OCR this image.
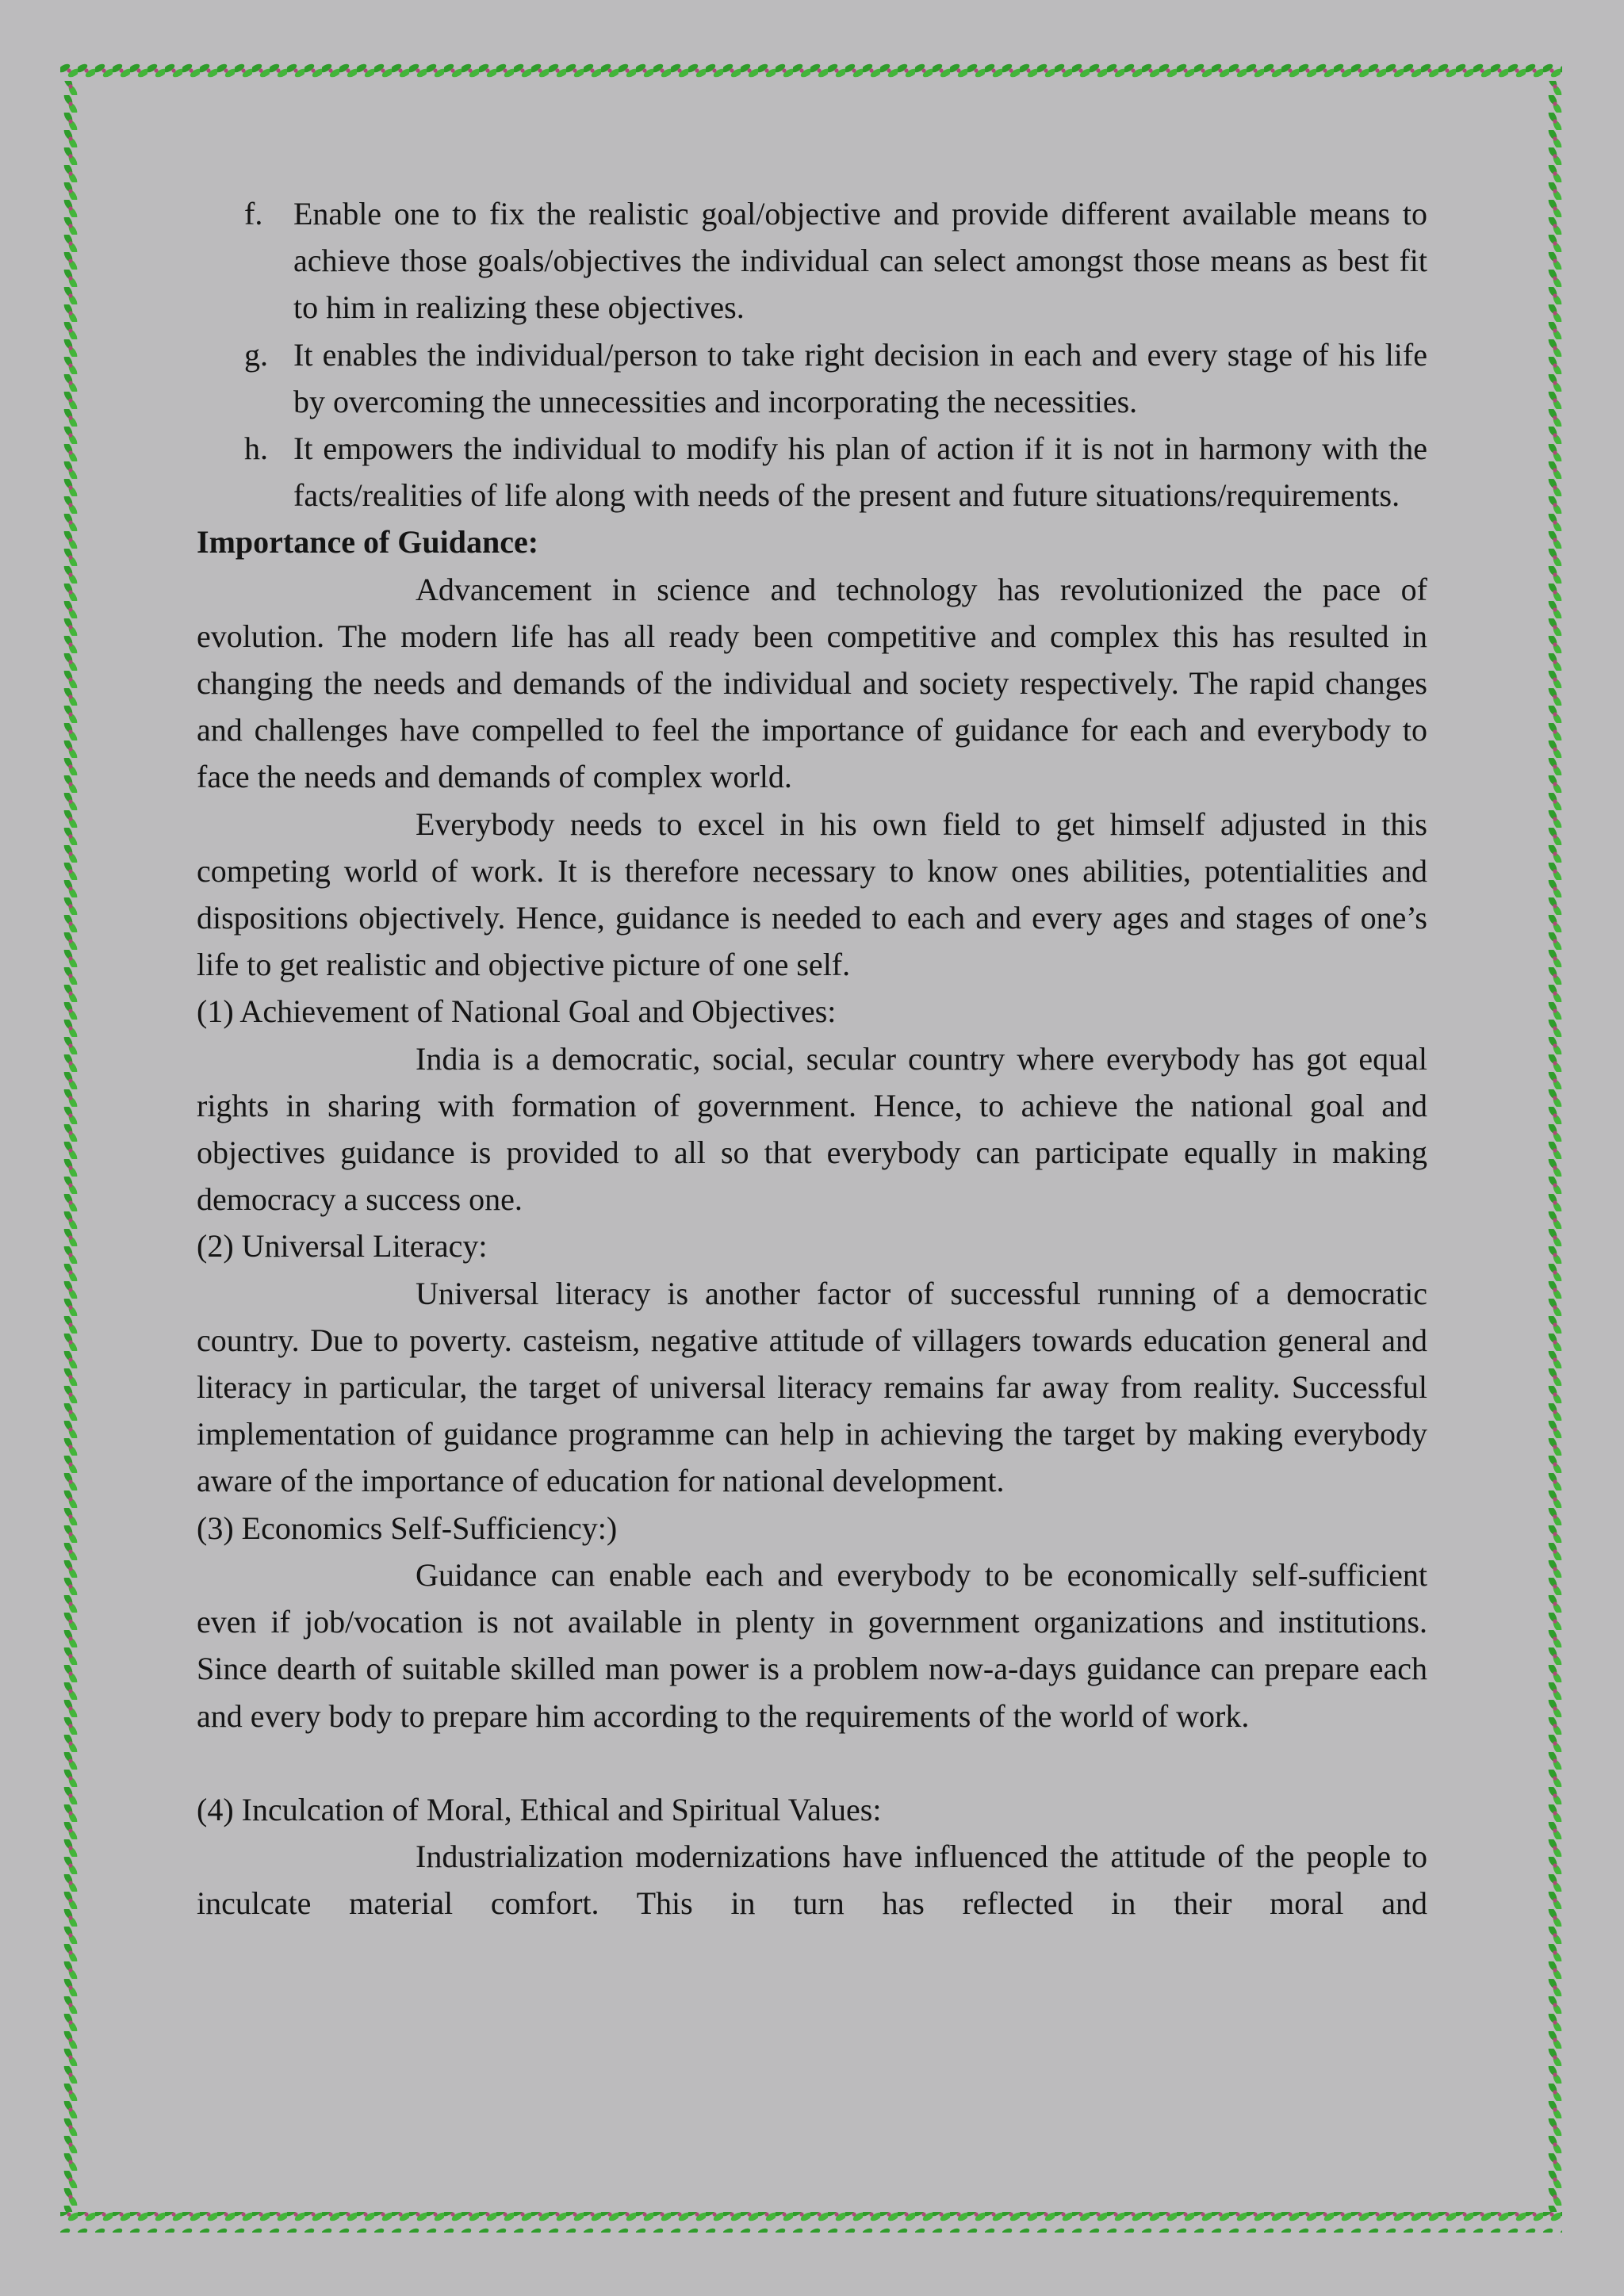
f. Enable one to fix the realistic goal/objective and provide different available means to achieve those goals/objectives the individual can select amongst those means as best fit to him in realizing these objectives.
g. It enables the individual/person to take right decision in each and every stage of his life by overcoming the unnecessities and incorporating the necessities.
h. It empowers the individual to modify his plan of action if it is not in harmony with the facts/realities of life along with needs of the present and future situations/requirements.
Importance of Guidance:
Advancement in science and technology has revolutionized the pace of evolution. The modern life has all ready been competitive and complex this has resulted in changing the needs and demands of the individual and society respectively. The rapid changes and challenges have compelled to feel the importance of guidance for each and everybody to face the needs and demands of complex world.
Everybody needs to excel in his own field to get himself adjusted in this competing world of work. It is therefore necessary to know ones abilities, potentialities and dispositions objectively. Hence, guidance is needed to each and every ages and stages of one’s life to get realistic and objective picture of one self.
(1) Achievement of National Goal and Objectives:
India is a democratic, social, secular country where everybody has got equal rights in sharing with formation of government. Hence, to achieve the national goal and objectives guidance is provided to all so that everybody can participate equally in making democracy a success one.
(2) Universal Literacy:
Universal literacy is another factor of successful running of a democratic country. Due to poverty. casteism, negative attitude of villagers towards education general and literacy in particular, the target of universal literacy remains far away from reality. Successful implementation of guidance programme can help in achieving the target by making everybody aware of the importance of education for national development.
(3) Economics Self-Sufficiency:)
Guidance can enable each and everybody to be economically self-sufficient even if job/vocation is not available in plenty in government organizations and institutions. Since dearth of suitable skilled man power is a problem now-a-days guidance can prepare each and every body to prepare him according to the requirements of the world of work.
(4) Inculcation of Moral, Ethical and Spiritual Values:
Industrialization modernizations have influenced the attitude of the people to inculcate material comfort. This in turn has reflected in their moral and
